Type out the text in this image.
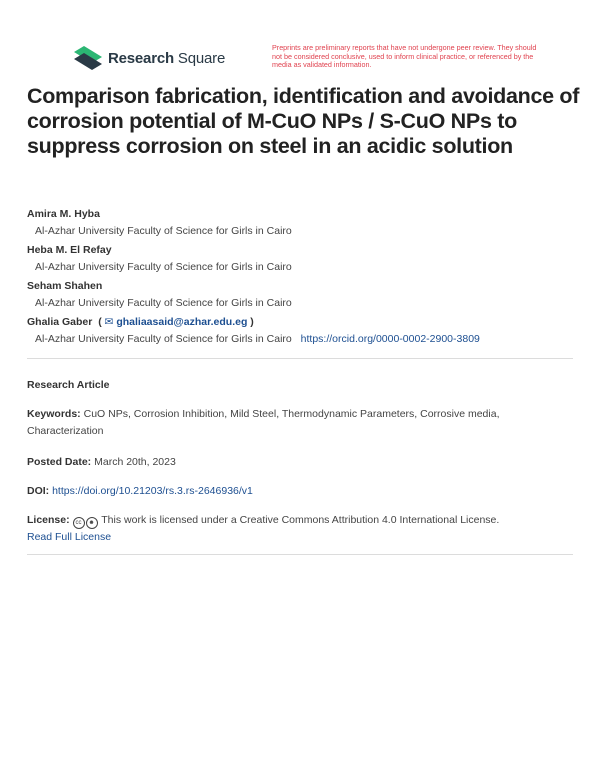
Research Square
Preprints are preliminary reports that have not undergone peer review. They should not be considered conclusive, used to inform clinical practice, or referenced by the media as validated information.
Comparison fabrication, identification and avoidance of corrosion potential of M-CuO NPs / S-CuO NPs to suppress corrosion on steel in an acidic solution
Amira M. Hyba
Al-Azhar University Faculty of Science for Girls in Cairo
Heba M. El Refay
Al-Azhar University Faculty of Science for Girls in Cairo
Seham Shahen
Al-Azhar University Faculty of Science for Girls in Cairo
Ghalia Gaber  ( ✉ ghaliaasaid@azhar.edu.eg )
Al-Azhar University Faculty of Science for Girls in Cairo https://orcid.org/0000-0002-2900-3809
Research Article
Keywords: CuO NPs, Corrosion Inhibition, Mild Steel, Thermodynamic Parameters, Corrosive media, Characterization
Posted Date: March 20th, 2023
DOI: https://doi.org/10.21203/rs.3.rs-2646936/v1
License: cc ☻ This work is licensed under a Creative Commons Attribution 4.0 International License.
Read Full License
